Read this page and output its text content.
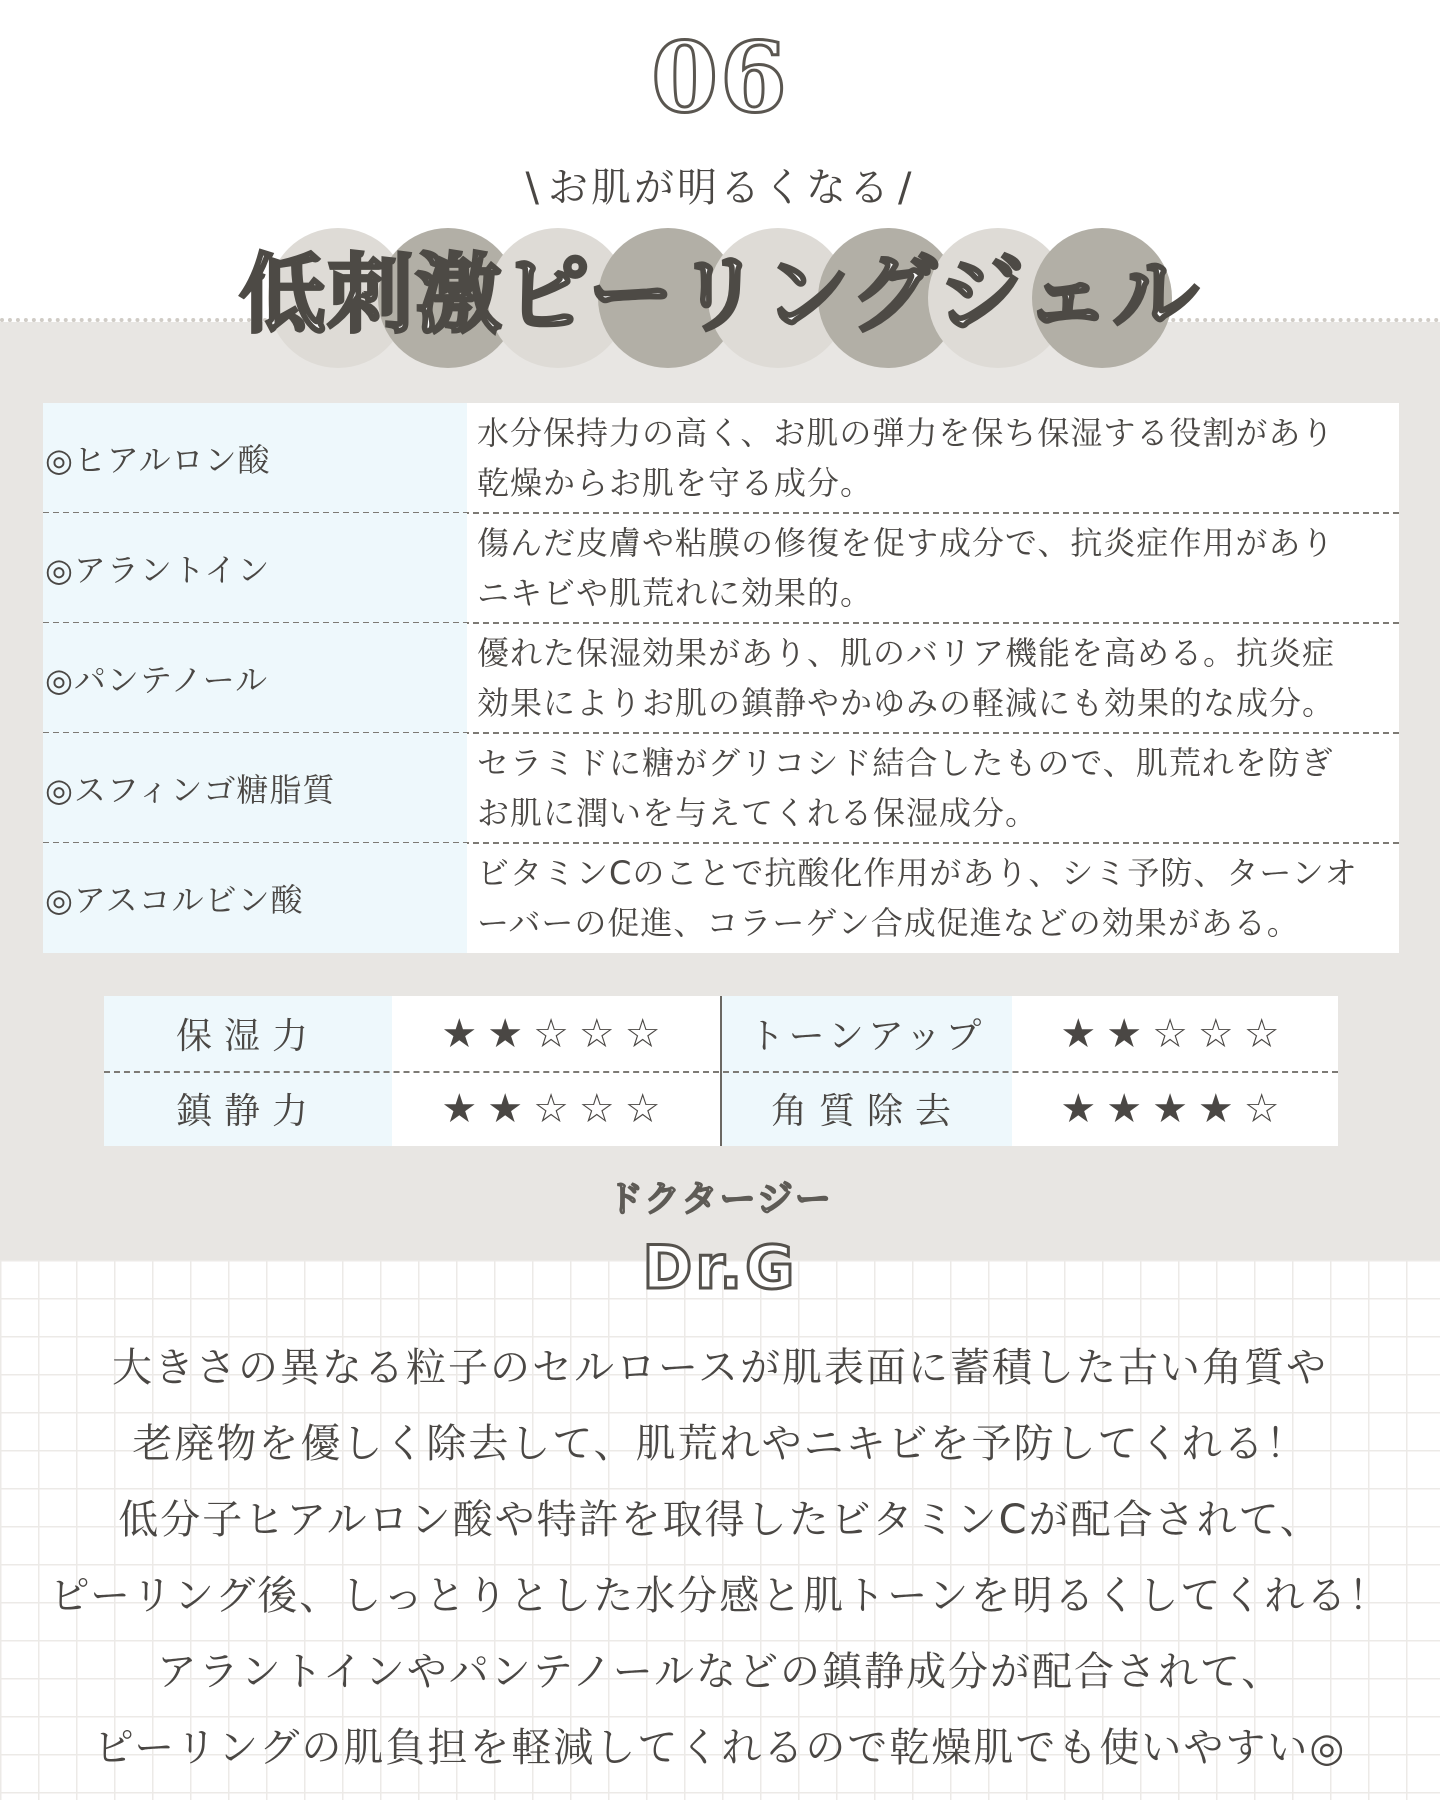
06
\ お肌が明るくなる /
低刺激ピーリングジェル
◎ヒアルロン酸
水分保持力の高く、お肌の弾力を保ち保湿する役割があり
乾燥からお肌を守る成分。
◎アラントイン
傷んだ皮膚や粘膜の修復を促す成分で、抗炎症作用があり
ニキビや肌荒れに効果的。
◎パンテノール
優れた保湿効果があり、肌のバリア機能を高める。抗炎症
効果によりお肌の鎮静やかゆみの軽減にも効果的な成分。
◎スフィンゴ糖脂質
セラミドに糖がグリコシド結合したもので、肌荒れを防ぎ
お肌に潤いを与えてくれる保湿成分。
◎アスコルビン酸
ビタミンCのことで抗酸化作用があり、シミ予防、ターンオ
ーバーの促進、コラーゲン合成促進などの効果がある。
保湿力	★★☆☆☆	トーンアップ	★★☆☆☆
鎮静力	★★☆☆☆	角質除去	★★★★☆
ドクタージー
Dr.G
大きさの異なる粒子のセルロースが肌表面に蓄積した古い角質や
老廃物を優しく除去して、肌荒れやニキビを予防してくれる！
低分子ヒアルロン酸や特許を取得したビタミンCが配合されて、
ピーリング後、しっとりとした水分感と肌トーンを明るくしてくれる！
アラントインやパンテノールなどの鎮静成分が配合されて、
ピーリングの肌負担を軽減してくれるので乾燥肌でも使いやすい◎
